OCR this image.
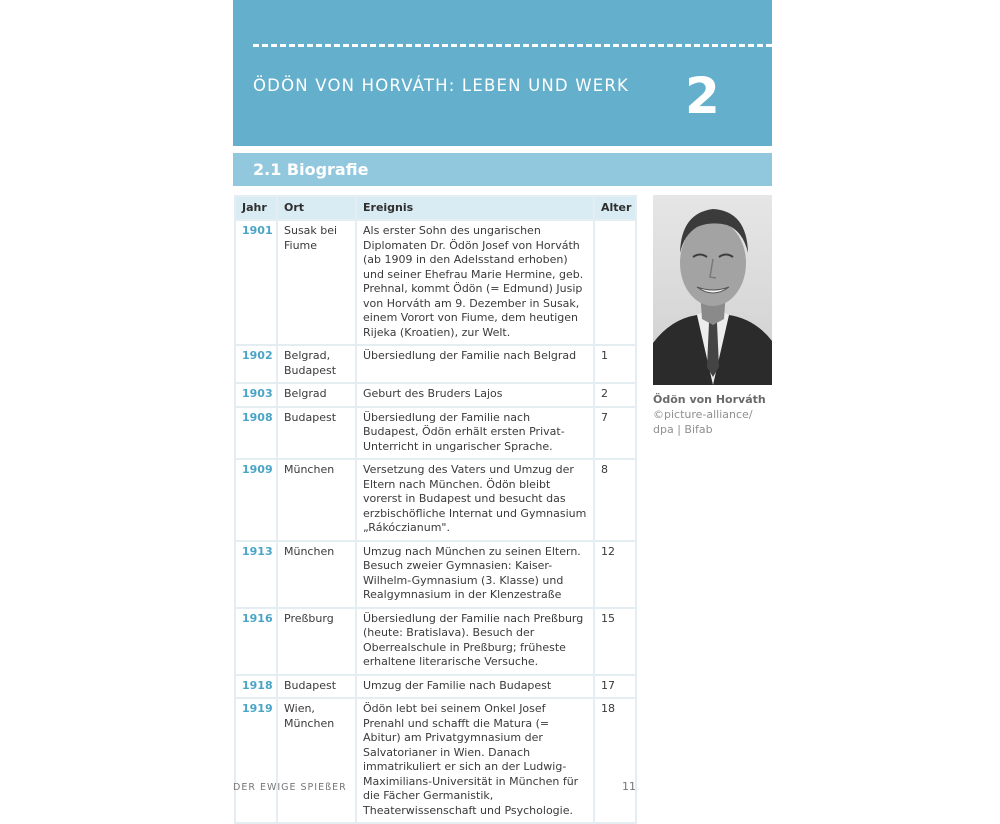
ÖDÖN VON HORVÁTH: LEBEN UND WERK 2
2.1 Biografie
Jahr	Ort	Ereignis	Alter
1901	Susak bei Fiume	Als erster Sohn des ungarischen Diplomaten Dr. Ödön Josef von Horváth (ab 1909 in den Adelsstand erhoben) und seiner Ehefrau Marie Hermine, geb. Prehnal, kommt Ödön (= Edmund) Jusip von Horváth am 9. Dezember in Susak, einem Vorort von Fiume, dem heutigen Rijeka (Kroatien), zur Welt.	
1902	Belgrad, Budapest	Übersiedlung der Familie nach Belgrad	1
1903	Belgrad	Geburt des Bruders Lajos	2
1908	Budapest	Übersiedlung der Familie nach Budapest, Ödön erhält ersten Privat-Unterricht in ungarischer Sprache.	7
1909	München	Versetzung des Vaters und Umzug der Eltern nach München. Ödön bleibt vorerst in Budapest und besucht das erzbischöfliche Internat und Gymnasium „Rákóczianum".	8
1913	München	Umzug nach München zu seinen Eltern. Besuch zweier Gymnasien: Kaiser-Wilhelm-Gymnasium (3. Klasse) und Realgymnasium in der Klenzestraße	12
1916	Preßburg	Übersiedlung der Familie nach Preßburg (heute: Bratislava). Besuch der Oberrealschule in Preßburg; früheste erhaltene literarische Versuche.	15
1918	Budapest	Umzug der Familie nach Budapest	17
1919	Wien, München	Ödön lebt bei seinem Onkel Josef Prenahl und schafft die Matura (= Abitur) am Privatgymnasium der Salvatorianer in Wien. Danach immatrikuliert er sich an der Ludwig-Maximilians-Universität in München für die Fächer Germanistik, Theaterwissenschaft und Psychologie.	18
Ödön von Horváth
©picture-alliance/
dpa | Bifab
DER EWIGE SPIEßER	11
